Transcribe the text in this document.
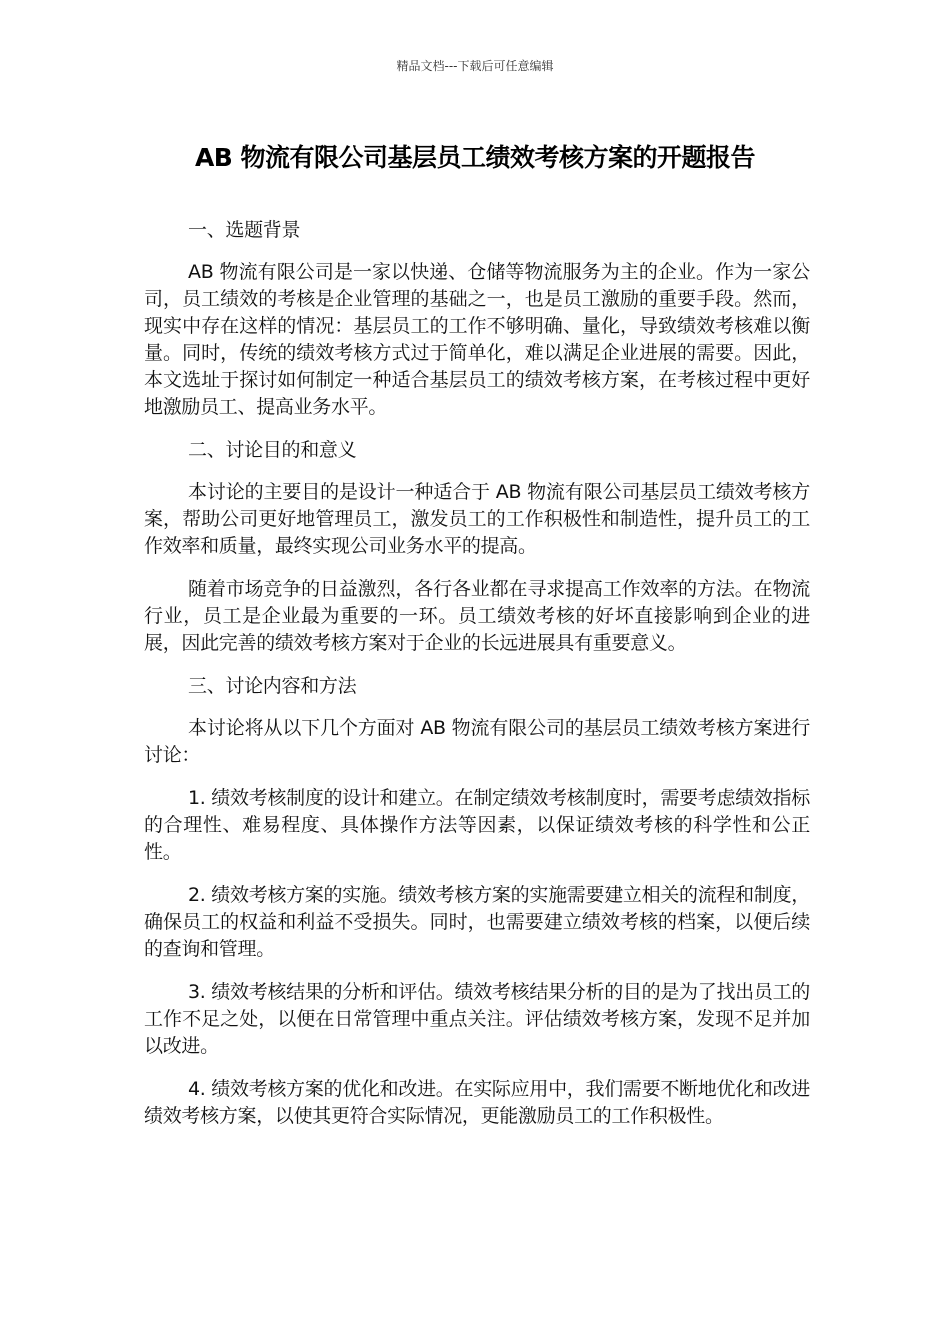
精品文档---下载后可任意编辑
AB 物流有限公司基层员工绩效考核方案的开题报告

一、选题背景

AB 物流有限公司是一家以快递、仓储等物流服务为主的企业。作为一家公司，员工绩效的考核是企业管理的基础之一，也是员工激励的重要手段。然而，现实中存在这样的情况：基层员工的工作不够明确、量化，导致绩效考核难以衡量。同时，传统的绩效考核方式过于简单化，难以满足企业进展的需要。因此，本文选址于探讨如何制定一种适合基层员工的绩效考核方案，在考核过程中更好地激励员工、提高业务水平。

二、讨论目的和意义

本讨论的主要目的是设计一种适合于 AB 物流有限公司基层员工绩效考核方案，帮助公司更好地管理员工，激发员工的工作积极性和制造性，提升员工的工作效率和质量，最终实现公司业务水平的提高。

随着市场竞争的日益激烈，各行各业都在寻求提高工作效率的方法。在物流行业，员工是企业最为重要的一环。员工绩效考核的好坏直接影响到企业的进展，因此完善的绩效考核方案对于企业的长远进展具有重要意义。

三、讨论内容和方法

本讨论将从以下几个方面对 AB 物流有限公司的基层员工绩效考核方案进行讨论：

1. 绩效考核制度的设计和建立。在制定绩效考核制度时，需要考虑绩效指标的合理性、难易程度、具体操作方法等因素，以保证绩效考核的科学性和公正性。

2. 绩效考核方案的实施。绩效考核方案的实施需要建立相关的流程和制度，确保员工的权益和利益不受损失。同时，也需要建立绩效考核的档案，以便后续的查询和管理。

3. 绩效考核结果的分析和评估。绩效考核结果分析的目的是为了找出员工的工作不足之处，以便在日常管理中重点关注。评估绩效考核方案，发现不足并加以改进。

4. 绩效考核方案的优化和改进。在实际应用中，我们需要不断地优化和改进绩效考核方案，以使其更符合实际情况，更能激励员工的工作积极性。
